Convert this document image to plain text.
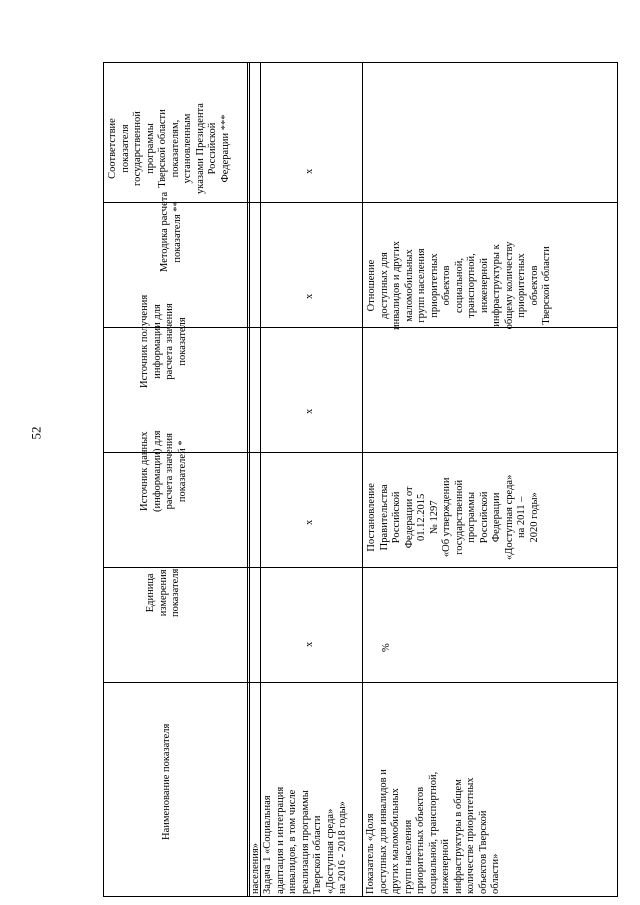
52
Наименование показателя
Единица
измерения
показателя
Источник данных
(информации) для
расчета значения
показателей *
Источник получения
информации для
расчета значения
показателя
Методика расчета
показателя **
Соответствие
показателя
государственной
программы
Тверской области
показателям,
установленным
указами Президента
Российской
Федерации ***
населения» Задача 1 «Социальная
адаптация и интеграция
инвалидов, в том числе
реализация программы
Тверской области
«Доступная среда»
на 2016 - 2018 годы»
x
x
x
x
x
Показатель «Доля
доступных для инвалидов и
других маломобильных
групп населения
приоритетных объектов
социальной, транспортной,
инженерной
инфраструктуры в общем
количестве приоритетных
объектов Тверской
области»
%
Постановление
Правительства
Российской
Федерации от
01.12.2015
№ 1297
«Об утверждении
государственной
программы
Российской
Федерации
«Доступная среда»
на 2011 –
2020 годы»
Отношение
доступных для
инвалидов и других
маломобильных
групп населения
приоритетных
объектов
социальной,
транспортной,
инженерной
инфраструктуры к
общему количеству
приоритетных
объектов
Тверской области
